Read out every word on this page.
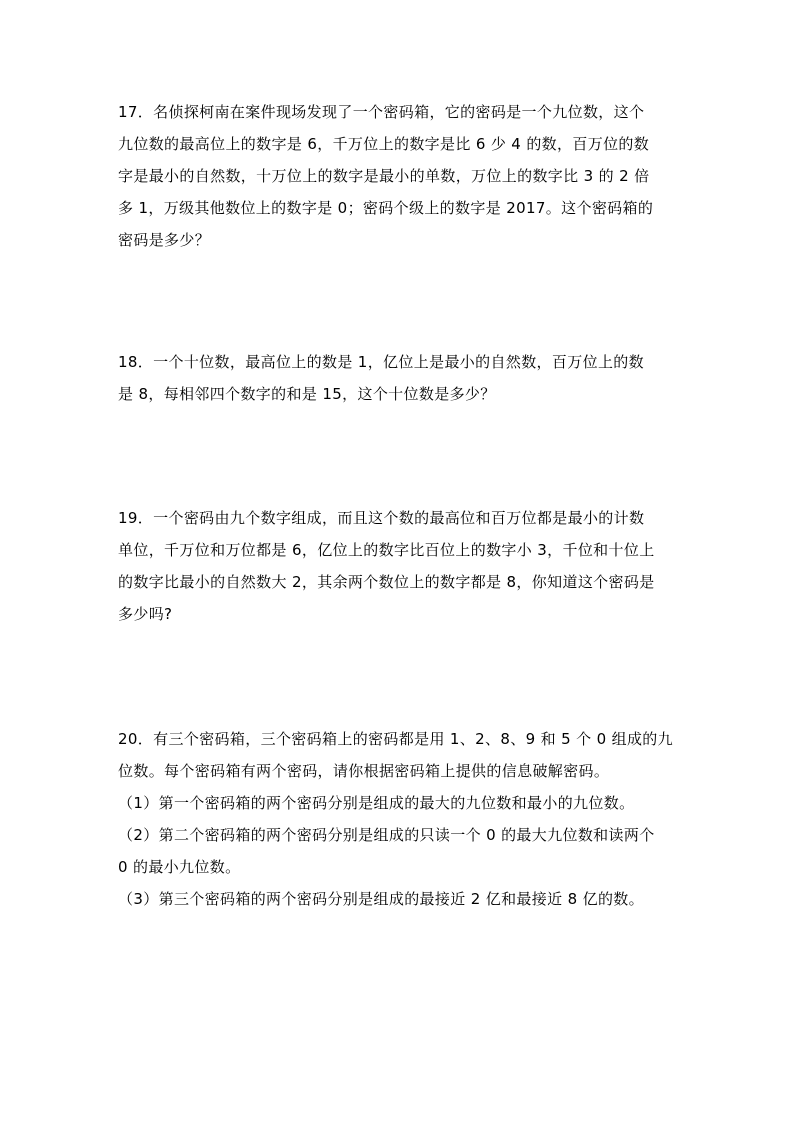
17．名侦探柯南在案件现场发现了一个密码箱，它的密码是一个九位数，这个
九位数的最高位上的数字是 6，千万位上的数字是比 6 少 4 的数，百万位的数
字是最小的自然数，十万位上的数字是最小的单数，万位上的数字比 3 的 2 倍
多 1，万级其他数位上的数字是 0；密码个级上的数字是 2017。这个密码箱的
密码是多少？
18．一个十位数，最高位上的数是 1，亿位上是最小的自然数，百万位上的数
是 8，每相邻四个数字的和是 15，这个十位数是多少？
19．一个密码由九个数字组成，而且这个数的最高位和百万位都是最小的计数
单位，千万位和万位都是 6，亿位上的数字比百位上的数字小 3，千位和十位上
的数字比最小的自然数大 2，其余两个数位上的数字都是 8，你知道这个密码是
多少吗?
20．有三个密码箱，三个密码箱上的密码都是用 1、2、8、9 和 5 个 0 组成的九
位数。每个密码箱有两个密码，请你根据密码箱上提供的信息破解密码。
（1）第一个密码箱的两个密码分别是组成的最大的九位数和最小的九位数。
（2）第二个密码箱的两个密码分别是组成的只读一个 0 的最大九位数和读两个
0 的最小九位数。
（3）第三个密码箱的两个密码分别是组成的最接近 2 亿和最接近 8 亿的数。
